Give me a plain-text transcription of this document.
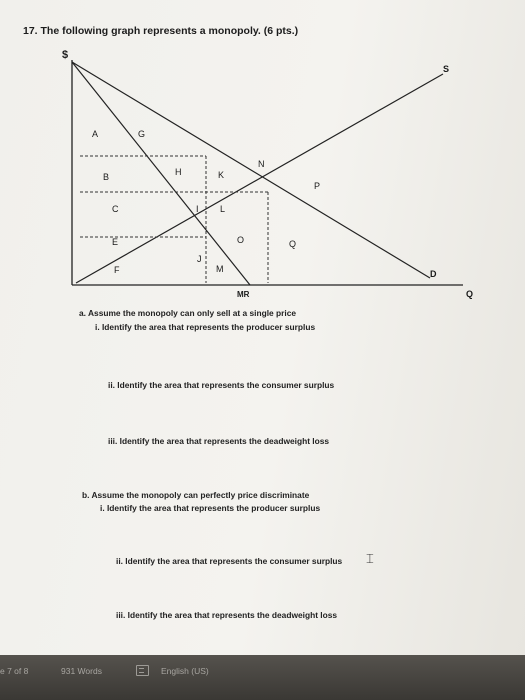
17. The following graph represents a monopoly. (6 pts.)
$
Q
S
D
MR
A	G
B	H	K
N
P
C	I L
E	O	Q
F
J
M
a. Assume the monopoly can only sell at a single price
i. Identify the area that represents the producer surplus
ii. Identify the area that represents the consumer surplus
iii. Identify the area that represents the deadweight loss
b. Assume the monopoly can perfectly price discriminate
i. Identify the area that represents the producer surplus
ii. Identify the area that represents the consumer surplus
iii. Identify the area that represents the deadweight loss
⌶
e 7 of 8	931 Words	English (US)
